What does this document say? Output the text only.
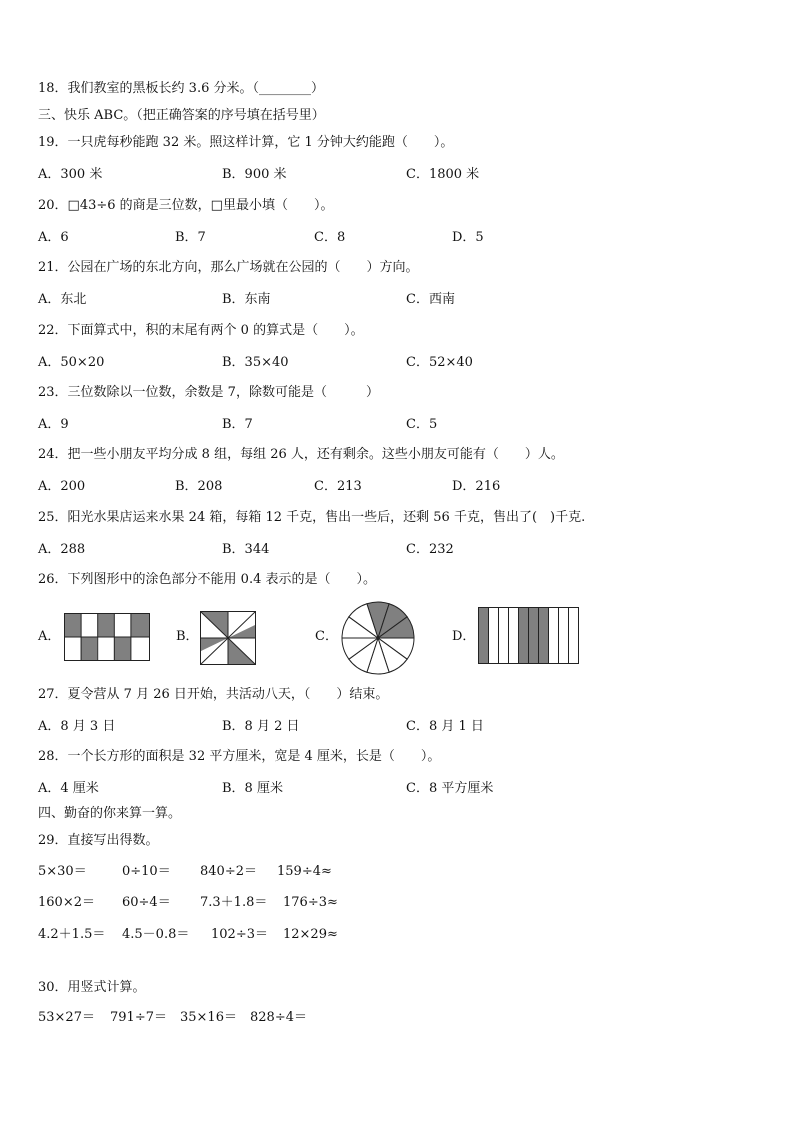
18．我们教室的黑板长约 3.6 分米。（________）
三、快乐 ABC。（把正确答案的序号填在括号里）
19．一只虎每秒能跑 32 米。照这样计算，它 1 分钟大约能跑（　　）。
A．300 米	B．900 米	C．1800 米
20．□43÷6 的商是三位数，□里最小填（　　）。
A．6	B．7	C．8	D．5
21．公园在广场的东北方向，那么广场就在公园的（　　）方向。
A．东北	B．东南	C．西南
22．下面算式中，积的末尾有两个 0 的算式是（　　）。
A．50×20	B．35×40	C．52×40
23．三位数除以一位数，余数是 7，除数可能是（　　　）
A．9	B．7	C．5
24．把一些小朋友平均分成 8 组，每组 26 人，还有剩余。这些小朋友可能有（　　）人。
A．200	B．208	C．213	D．216
25．阳光水果店运来水果 24 箱，每箱 12 千克，售出一些后，还剩 56 千克，售出了(　)千克.
A．288	B．344	C．232
26．下列图形中的涂色部分不能用 0.4 表示的是（　　）。
A．	B．	C．	D．
27．夏令营从 7 月 26 日开始，共活动八天，（　　）结束。
A．8 月 3 日	B．8 月 2 日	C．8 月 1 日
28．一个长方形的面积是 32 平方厘米，宽是 4 厘米，长是（　　）。
A．4 厘米	B．8 厘米	C．8 平方厘米
四、勤奋的你来算一算。
29．直接写出得数。
5×30＝	0÷10＝ 840÷2＝ 159÷4≈
160×2＝ 60÷4＝ 7.3＋1.8＝ 176÷3≈
4.2＋1.5＝ 4.5－0.8＝ 102÷3＝ 12×29≈
30．用竖式计算。
53×27＝ 791÷7＝ 35×16＝ 828÷4＝
